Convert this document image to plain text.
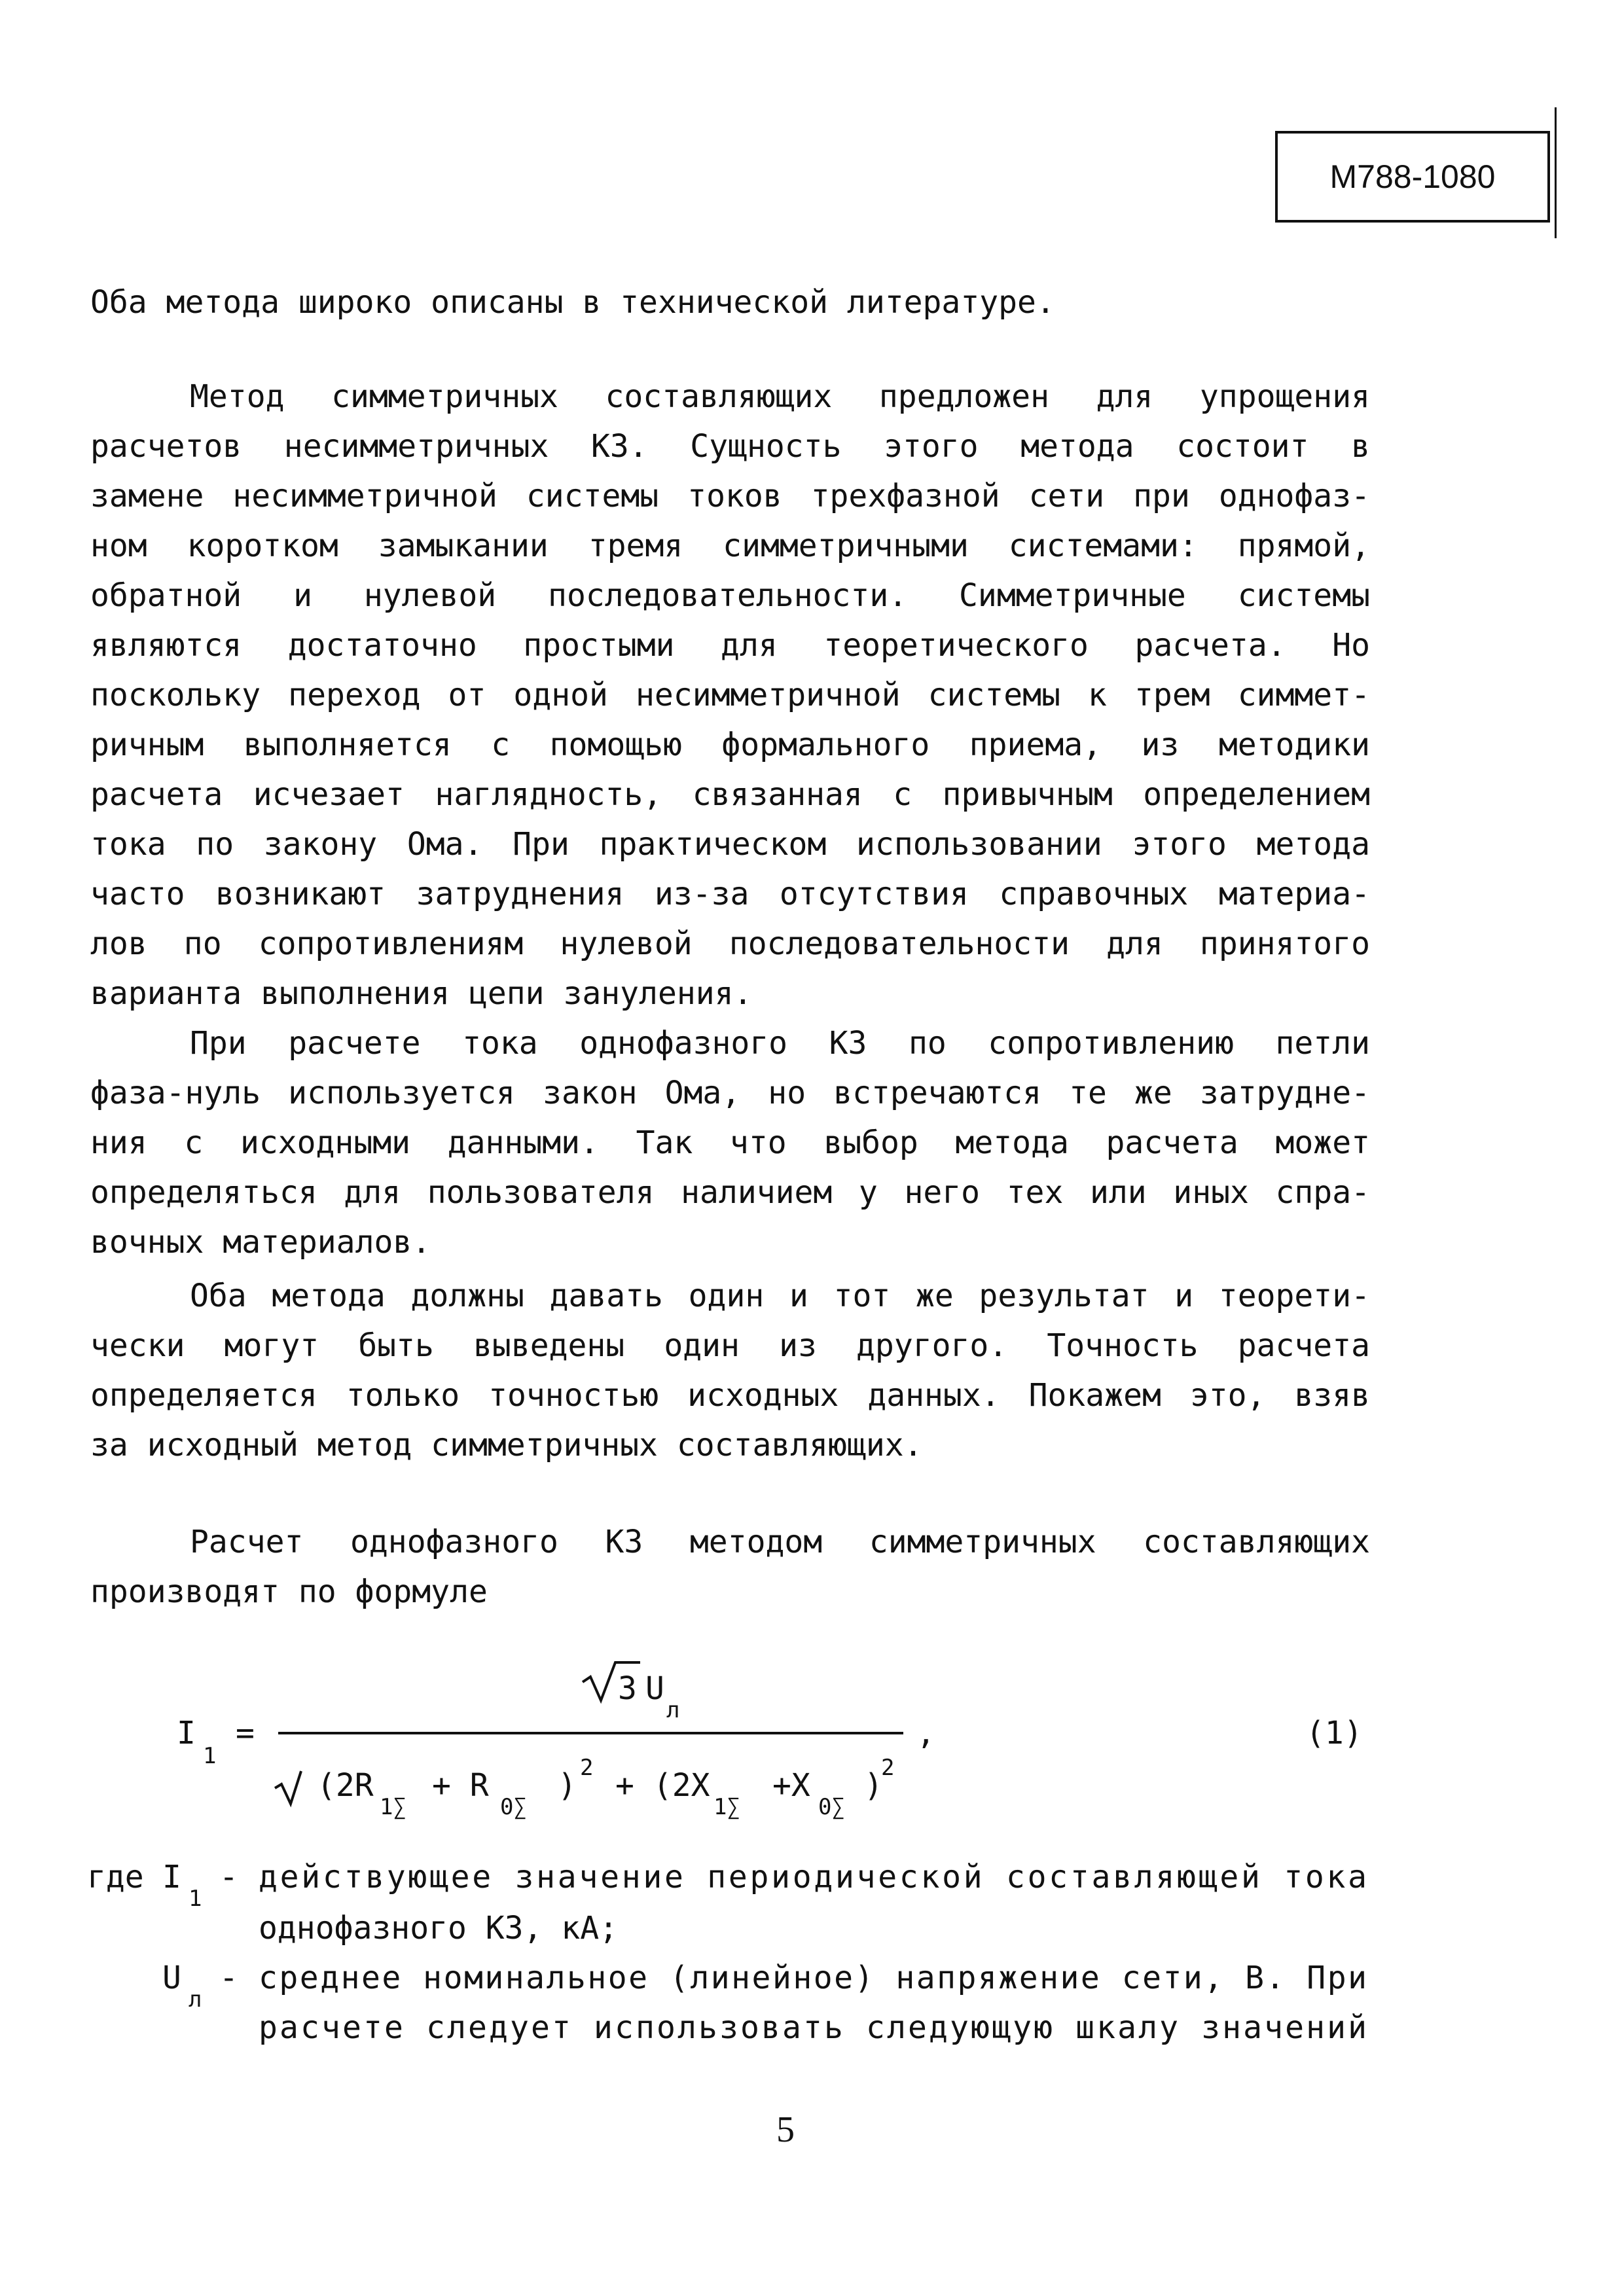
M788-1080
Оба метода широко описаны в технической литературе.
Метод симметричных составляющих предложен для упрощения
расчетов несимметричных КЗ. Сущность этого метода состоит в
замене несимметричной системы токов трехфазной сети при однофаз-
ном коротком замыкании тремя симметричными системами: прямой,
обратной и нулевой последовательности. Симметричные системы
являются достаточно простыми для теоретического расчета. Но
поскольку переход от одной несимметричной системы к трем симмет-
ричным выполняется с помощью формального приема, из методики
расчета исчезает наглядность, связанная с привычным определением
тока по закону Ома. При практическом использовании этого метода
часто возникают затруднения из-за отсутствия справочных материа-
лов по сопротивлениям нулевой последовательности для принятого
варианта выполнения цепи зануления.
При расчете тока однофазного КЗ по сопротивлению петли
фаза-нуль используется закон Ома, но встречаются те же затрудне-
ния с исходными данными. Так что выбор метода расчета может
определяться для пользователя наличием у него тех или иных спра-
вочных материалов.
Оба метода должны давать один и тот же результат и теорети-
чески могут быть выведены один из другого. Точность расчета
определяется только точностью исходных данных. Покажем это, взяв
за исходный метод симметричных составляющих.
Расчет однофазного КЗ методом симметричных составляющих
производят по формуле
3 U
л
I
1
=
(2R
1∑
+ R
0∑
) 2 + (2X
1∑
+X
0∑
)
2
,	(1)
где I
1
- действующее значение периодической составляющей тока
однофазного КЗ, кА;
U
л
- среднее номинальное (линейное) напряжение сети, В. При
расчете следует использовать следующую шкалу значений
5
